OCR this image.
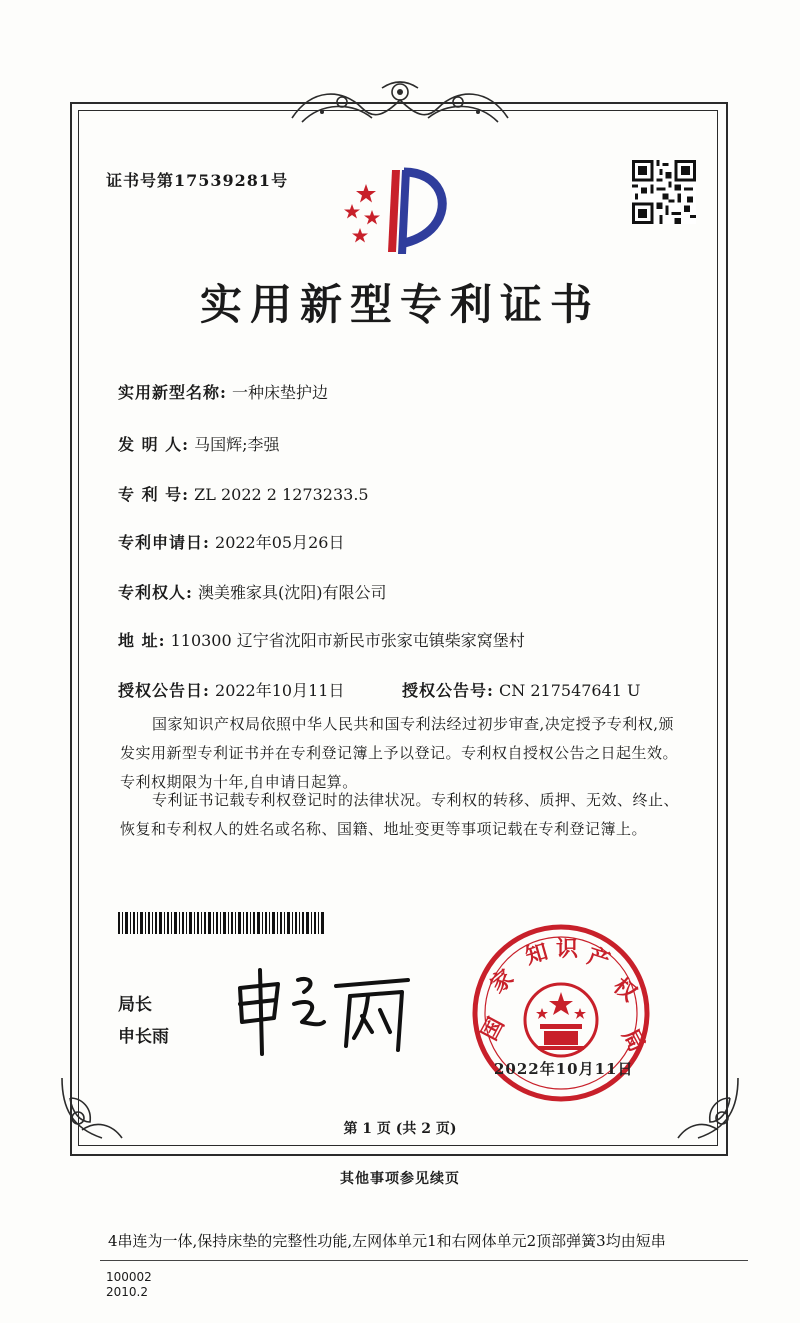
证书号第17539281号
实用新型专利证书
实用新型名称: 一种床垫护边
发 明 人: 马国辉;李强
专 利 号: ZL 2022 2 1273233.5
专利申请日: 2022年05月26日
专利权人: 澳美雅家具(沈阳)有限公司
地 址: 110300 辽宁省沈阳市新民市张家屯镇柴家窝堡村
授权公告日: 2022年10月11日	授权公告号: CN 217547641 U
国家知识产权局依照中华人民共和国专利法经过初步审查,决定授予专利权,颁发实用新型专利证书并在专利登记簿上予以登记。专利权自授权公告之日起生效。专利权期限为十年,自申请日起算。
专利证书记载专利权登记时的法律状况。专利权的转移、质押、无效、终止、恢复和专利权人的姓名或名称、国籍、地址变更等事项记载在专利登记簿上。
局长
申长雨	国
家
知 识 产
权
局
2022年10月11日
第 1 页 (共 2 页)
其他事项参见续页
4串连为一体,保持床垫的完整性功能,左网体单元1和右网体单元2顶部弹簧3均由短串
100002
2010.2
